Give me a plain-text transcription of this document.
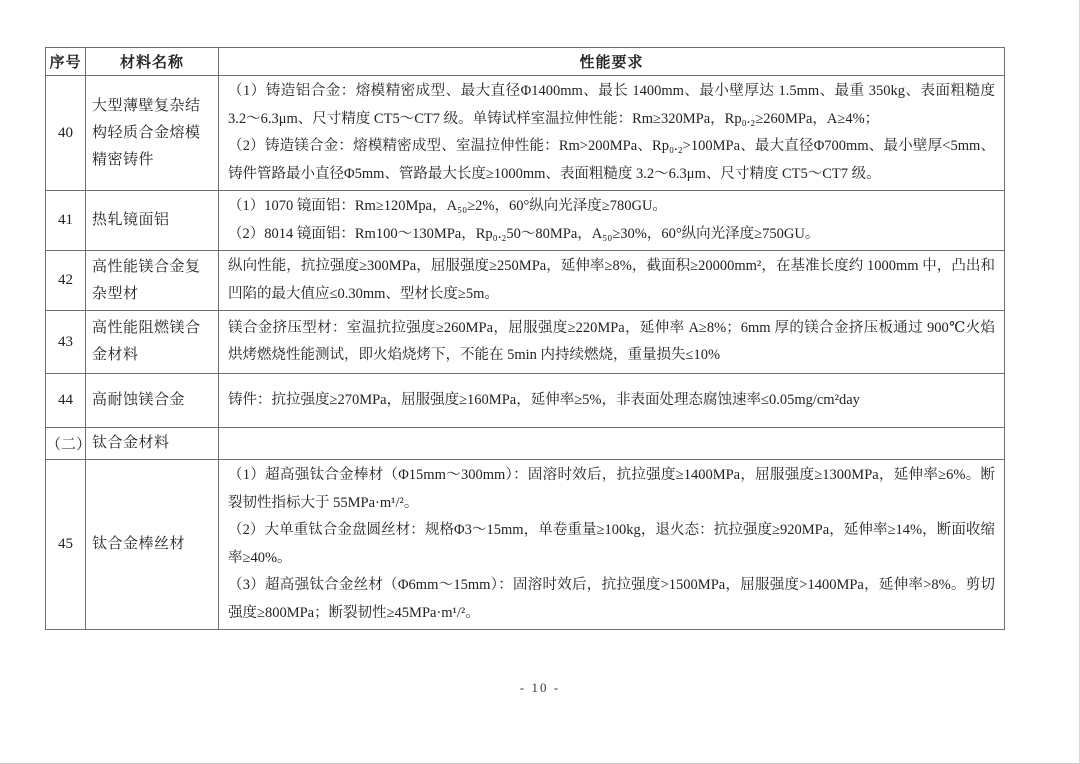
序号	材料名称	性能要求
40	大型薄壁复杂结构轻质合金熔模精密铸件	（1）铸造铝合金：熔模精密成型、最大直径Φ1400mm、最长 1400mm、最小壁厚达 1.5mm、最重 350kg、表面粗糙度 3.2～6.3μm、尺寸精度 CT5～CT7 级。单铸试样室温拉伸性能：Rm≥320MPa，Rp₀.₂≥260MPa，A≥4%；

（2）铸造镁合金：熔模精密成型、室温拉伸性能：Rm>200MPa、Rp₀.₂>100MPa、最大直径Φ700mm、最小壁厚<5mm、铸件管路最小直径Φ5mm、管路最大长度≥1000mm、表面粗糙度 3.2～6.3μm、尺寸精度 CT5～CT7 级。

41	热轧镜面铝	（1）1070 镜面铝：Rm≥120Mpa，A₅₀≥2%，60°纵向光泽度≥780GU。

（2）8014 镜面铝：Rm100～130MPa，Rp₀.₂50～80MPa，A₅₀≥30%，60°纵向光泽度≥750GU。

42	高性能镁合金复杂型材	纵向性能，抗拉强度≥300MPa，屈服强度≥250MPa，延伸率≥8%，截面积≥20000mm²，在基准长度约 1000mm 中，凸出和凹陷的最大值应≤0.30mm、型材长度≥5m。

43	高性能阻燃镁合金材料	镁合金挤压型材：室温抗拉强度≥260MPa，屈服强度≥220MPa，延伸率 A≥8%；6mm 厚的镁合金挤压板通过 900℃火焰烘烤燃烧性能测试，即火焰烧烤下，不能在 5min 内持续燃烧，重量损失≤10%

44	高耐蚀镁合金	铸件：抗拉强度≥270MPa，屈服强度≥160MPa，延伸率≥5%，非表面处理态腐蚀速率≤0.05mg/cm²day

（二）	钛合金材料	
45	钛合金棒丝材	（1）超高强钛合金棒材（Φ15mm～300mm）：固溶时效后，抗拉强度≥1400MPa，屈服强度≥1300MPa，延伸率≥6%。断裂韧性指标大于 55MPa·m¹/²。

（2）大单重钛合金盘圆丝材：规格Φ3～15mm，单卷重量≥100kg，退火态：抗拉强度≥920MPa，延伸率≥14%，断面收缩率≥40%。

（3）超高强钛合金丝材（Φ6mm～15mm）：固溶时效后，抗拉强度>1500MPa，屈服强度>1400MPa，延伸率>8%。剪切强度≥800MPa；断裂韧性≥45MPa·m¹/²。

- 10 -
